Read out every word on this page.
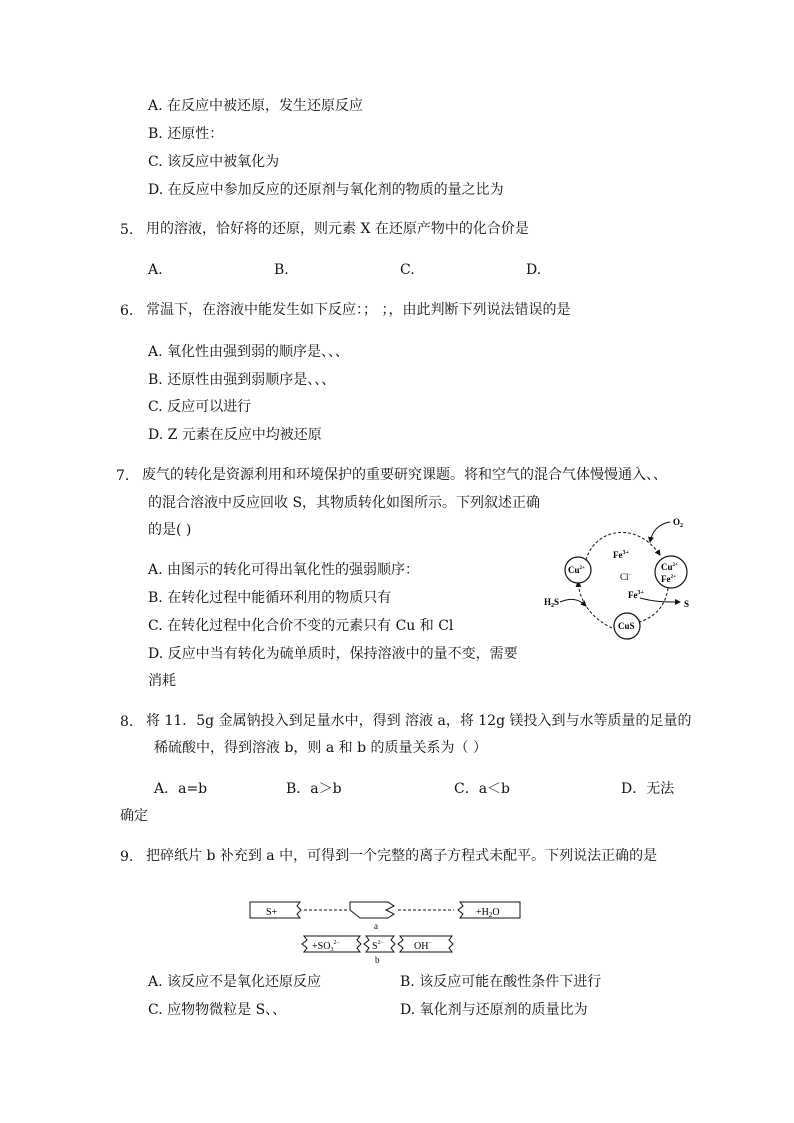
A. 在反应中被还原，发生还原反应
B. 还原性：
C. 该反应中被氧化为
D. 在反应中参加反应的还原剂与氧化剂的物质的量之比为
5. 用的溶液，恰好将的还原，则元素 X 在还原产物中的化合价是
A.	B.	C.	D.
6. 常温下，在溶液中能发生如下反应：； ；，由此判断下列说法错误的是
A. 氧化性由强到弱的顺序是、、、
B. 还原性由强到弱顺序是、、、
C. 反应可以进行
D. Z 元素在反应中均被还原
7. 废气的转化是资源利用和环境保护的重要研究课题。将和空气的混合气体慢慢通入、、
的混合溶液中反应回收 S，其物质转化如图所示。下列叙述正确
的是( )
A. 由图示的转化可得出氧化性的强弱顺序：
B. 在转化过程中能循环利用的物质只有
C. 在转化过程中化合价不变的元素只有 Cu 和 Cl
D. 反应中当有转化为硫单质时，保持溶液中的量不变，需要
消耗
$O_2$
$Fe^{3+}$
Cl−
$Cu^{2+}$	$Cu^{2+}$
$Fe^{2+}$
$H_2S$
$Fe^{3+}$
S
CuS
8. 将 11．5g 金属钠投入到足量水中，得到 溶液 a，将 12g 镁投入到与水等质量的足量的
稀硫酸中，得到溶液 b，则 a 和 b 的质量关系为（ ）
A．a=b	B．a＞b	C．a＜b	D．无法
确定
9. 把碎纸片 b 补充到 a 中，可得到一个完整的离子方程式未配平。下列说法正确的是
S+
a
$+H_2O$
$+SO_3^{2-}$	$S^{2-}$
b
OH−
A. 该反应不是氧化还原反应	B. 该反应可能在酸性条件下进行
C. 应物物微粒是 S、、	D. 氧化剂与还原剂的质量比为
